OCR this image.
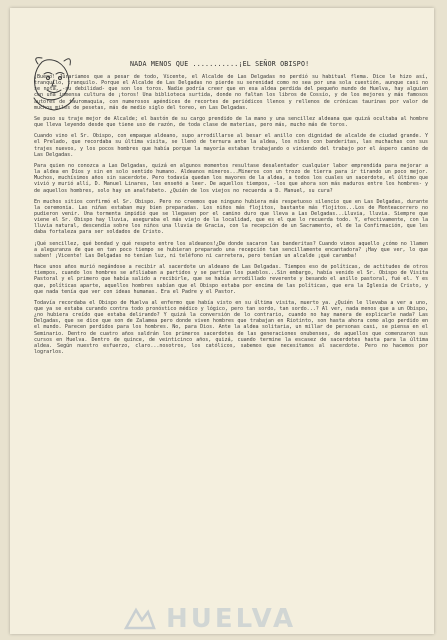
NADA MENOS QUE ...........¡EL SEÑOR OBISPO!

¡Bueno! Jurariamos que a pesar de todo, Vicente, el Alcalde de Las Delgadas no perdió su habitual flema. Dice le hizo así, tranquilo, tranquilo. Porque el Alcalde de Las Delgadas no pierde su serenidad como no sea por una sola cuestión, aunque casi no se nota, -su debilidad- que son los toros. Nadie podría creer que en esa aldea perdida del pequeño mundo de Huelva, hay alguien con una inmensa cultura de ¡toros! Una biblioteca surtida, donde no faltan los libros de Cossío, y de los mejores y más famosos autores de tauromaquia, con numerosos apéndices de recortes de periódicos llenos y rellenos de crónicas taurinas por valor de muchos miles de pesetas, más de medio siglo del toreo, en Las Delgadas.

Se puso su traje mejor de Alcalde; el bastón de su cargo prendido de la mano y una sencillez aldeana que quizá ocultaba al hombre que lleva leyendo desde que tiene uso de razón, de toda clase de materias, pero más, mucho más de toros.

Cuando vino el Sr. Obispo, con empaque aldeano, supo arrodillarse al besar el anillo con dignidad de alcalde de ciudad grande. Y el Prelado, que recordaba su última visita, se llenó de ternura ante la aldea, los niños con banderitas, las muchachas con sus trajes nuevos, y los pocos hombres que había porque la mayoría estaban trabajando o viniendo del trabajo por el áspero camino de Las Delgadas.

Para quien no conozca a Las Delgadas, quizá en algunos momentos resultase desalentador cualquier labor emprendida para mejorar a la aldea en Dios y sin en solo sentido humano. Aldeanos mineros...Mineros con un trozo de tierra para ir tirando un poco mejor. Muchos, muchísimos años sin sacerdote. Pero todavía quedan los mayores de la aldea, a todos los cuales un sacerdote, el último que vivió y murió allí, D. Manuel Linares, les enseñó a leer. De aquellos tiempos, -los que ahora son más maduros entre los hombres- y de aquellos hombres, solo hay un analfabeto. ¿Quién de los viejos no recuerda a D. Manuel, su cura?

En muchos sitios confirmó el Sr. Obispo. Pero no creemos que ninguno hubiera más respetuoso silencio que en Las Delgadas, durante la ceremonia. Las niñas estaban muy bien preparadas. Los niños más flojitos, bastante más flojitos...Los de Monteacorrero no pudieron venir. Una tormenta impidió que se llegasen por el camino duro que lleva a Las Delgadas...Lluvia, lluvia. Siempre que viene el Sr. Obispo hay lluvia, aseguraba el más viejo de la localidad, que es el que lo recuerda todo. Y, efectivamente, con la lluvia natural, descendía sobre los niños una lluvia de Gracia, con la recepción de un Sacramento, el de la Confirmación, que les daba fortaleza para ser soldados de Cristo.

¡Qué sencillez, qué bondad y qué respeto entre los aldeanos!¿De donde sacaron las banderitas? Cuando vimos aquello ¿cómo no llamen a aleguranza de que en tan poco tiempo se hubieran preparado una recepción tan sencillamente encantadora? ¡Hay que ver, lo que saben! ¡Vicente! Las Delgadas no tenían luz, ni teléfono ni carretera, pero tenían un alcalde ¡qué caramba!

Hace unos años murió negándose a recibir al sacerdote un aldeano de Las Delgadas. Tiempos eso de políticas, de actitudes de otros tiempos, cuando los hombres se afiliaban a partidos y se partían los pueblos...Sin embargo, había venido el Sr. Obispo de Visita Pastoral y el primero que había salido a recibirle, que se había arrodillado reverente y besando el anillo pastoral, fué el. Y es que, políticas aparte, aquellos hombres sabían que el Obispo estaba por encima de las políticas, que era la Iglesia de Cristo, y que nada tenía que ver con ideas humanas. Era el Padre y el Pastor.

Todavía recordaba el Obispo de Huelva al enfermo que había visto en su última visita, muerto ya. ¿Quién le llevaba a ver a uno, que ya se estaba curando contra todo pronóstico médico y lógico, pero tan sordo, tan sordo...? Al ver, nada menos que a un Obispo, ¿no hubiera creído que estaba delirando? Y quizá la conversión de lo contrario, cuando no hay manera de explicarle nada? Las Delgadas, que se dice que son de Zalamea pero donde viven hombres que trabajan en Riotinto, son hasta ahora como algo perdido en el mundo. Parecen perdidos para los hombres. No, para Dios. Ante la aldea solitaria, un millar de personas casi, se piensa en el Seminario. Dentro de cuatro años saldrán los primeros sacerdotes de las generaciones onubenses, de aquellos que comenzaron sus cursos en Huelva. Dentro de quince, de veinticinco años, quizá, cuando termine la escasez de sacerdotes hasta para la última aldea. Según nuestro esfuerzo, claro...nosotros, los católicos, sabemos que necesitamos al sacerdote. Pero no hacemos por lograrlos.

HUELVA
